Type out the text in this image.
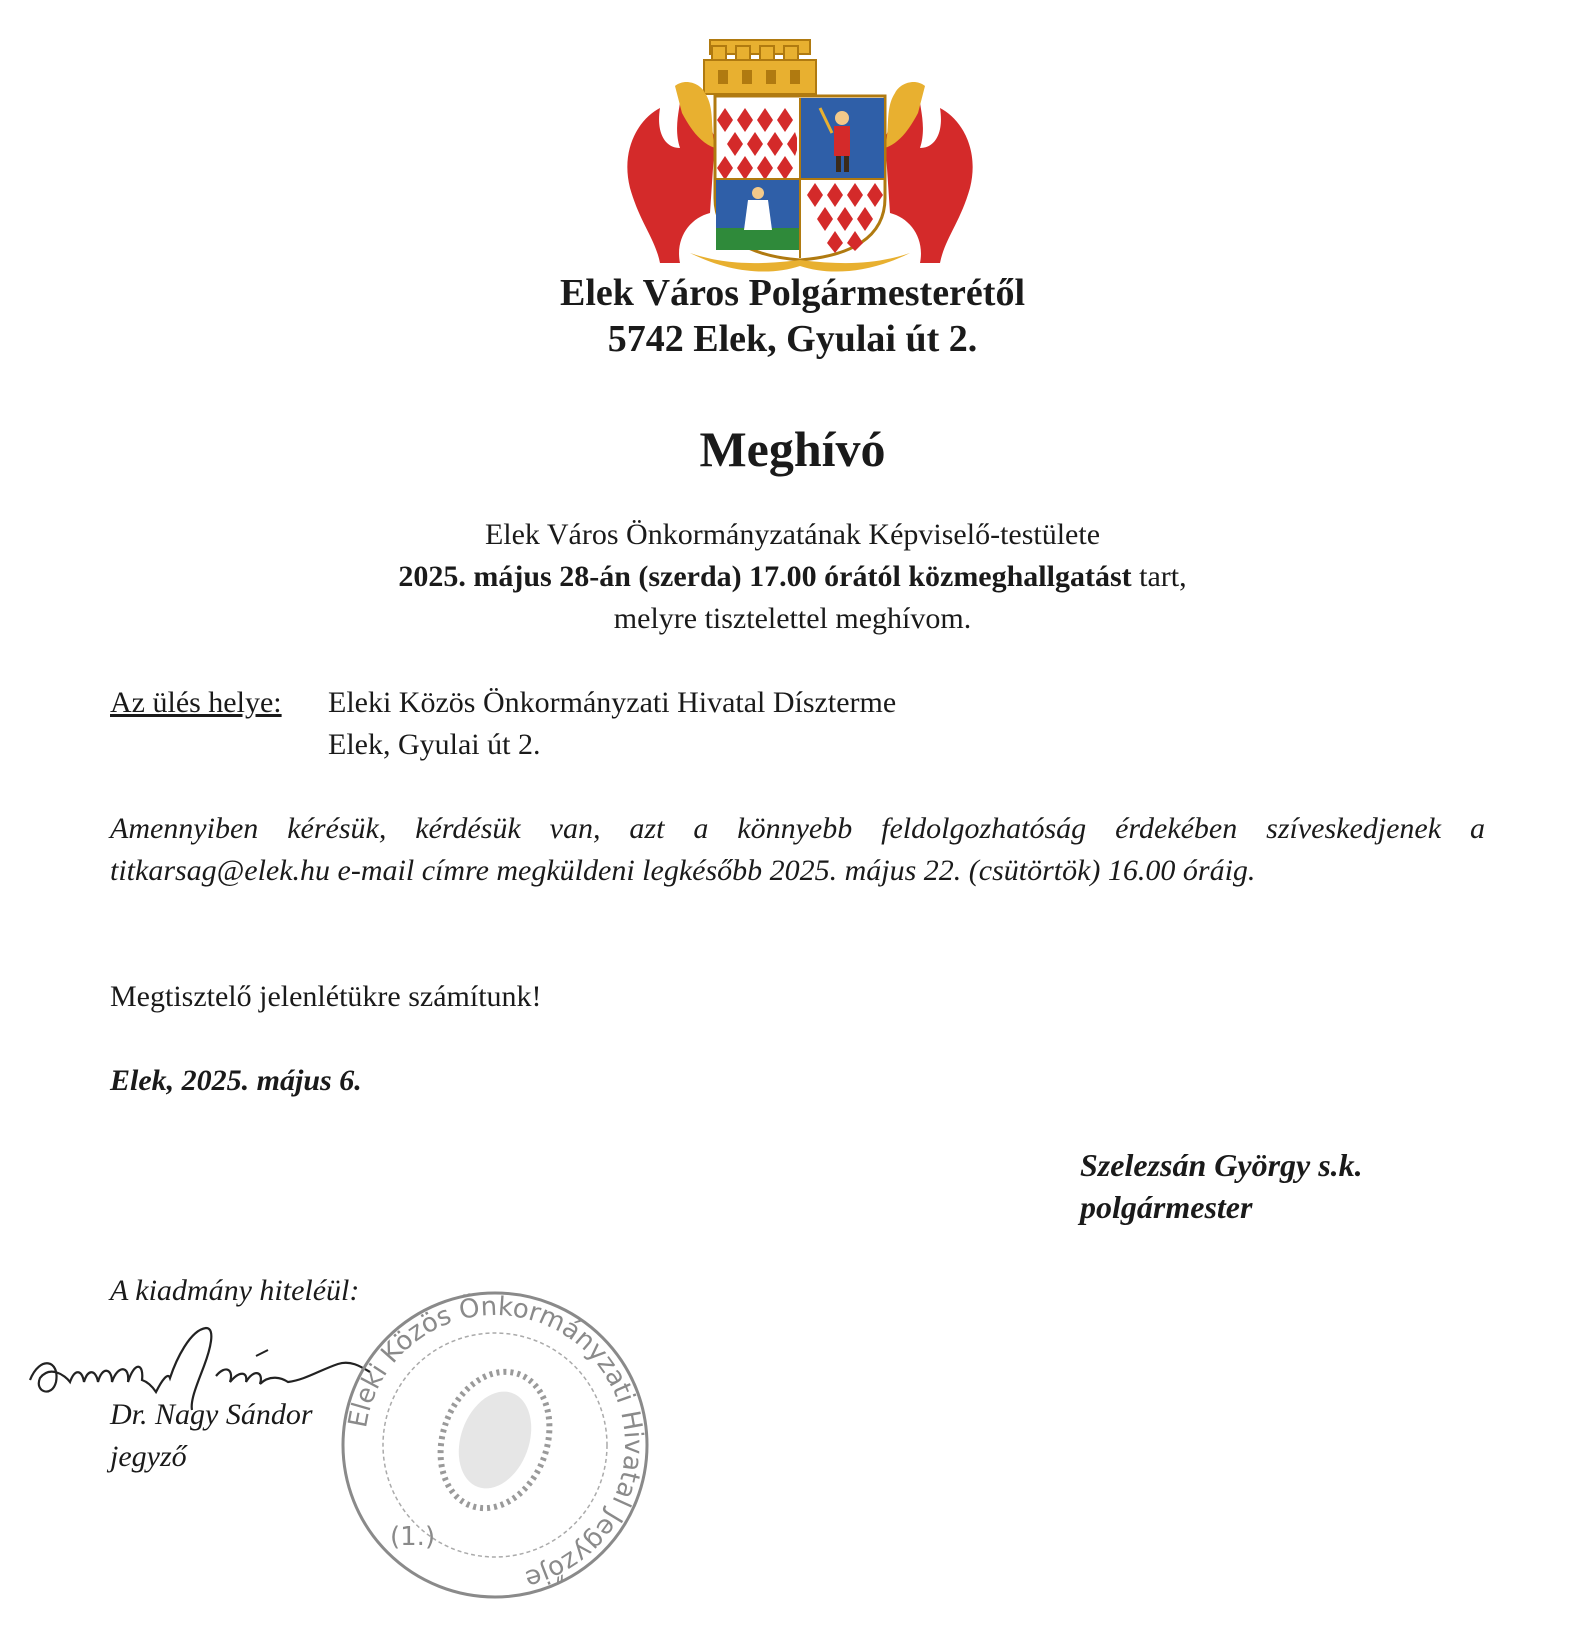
Elek Város Polgármesterétől
5742 Elek, Gyulai út 2.
Meghívó
Elek Város Önkormányzatának Képviselő-testülete
2025. május 28-án (szerda) 17.00 órától közmeghallgatást tart,
melyre tisztelettel meghívom.
Az ülés helye: Eleki Közös Önkormányzati Hivatal Díszterme
Elek, Gyulai út 2.
Amennyiben kérésük, kérdésük van, azt a könnyebb feldolgozhatóság érdekében szíveskedjenek a titkarsag@elek.hu e-mail címre megküldeni legkésőbb 2025. május 22. (csütörtök) 16.00 óráig.
Megtisztelő jelenlétükre számítunk!
Elek, 2025. május 6.
Szelezsán György s.k.
polgármester
A kiadmány hiteléül:
Dr. Nagy Sándor
jegyző
Eleki Közös Önkormányzati Hivatal Jegyzője
(1.)
